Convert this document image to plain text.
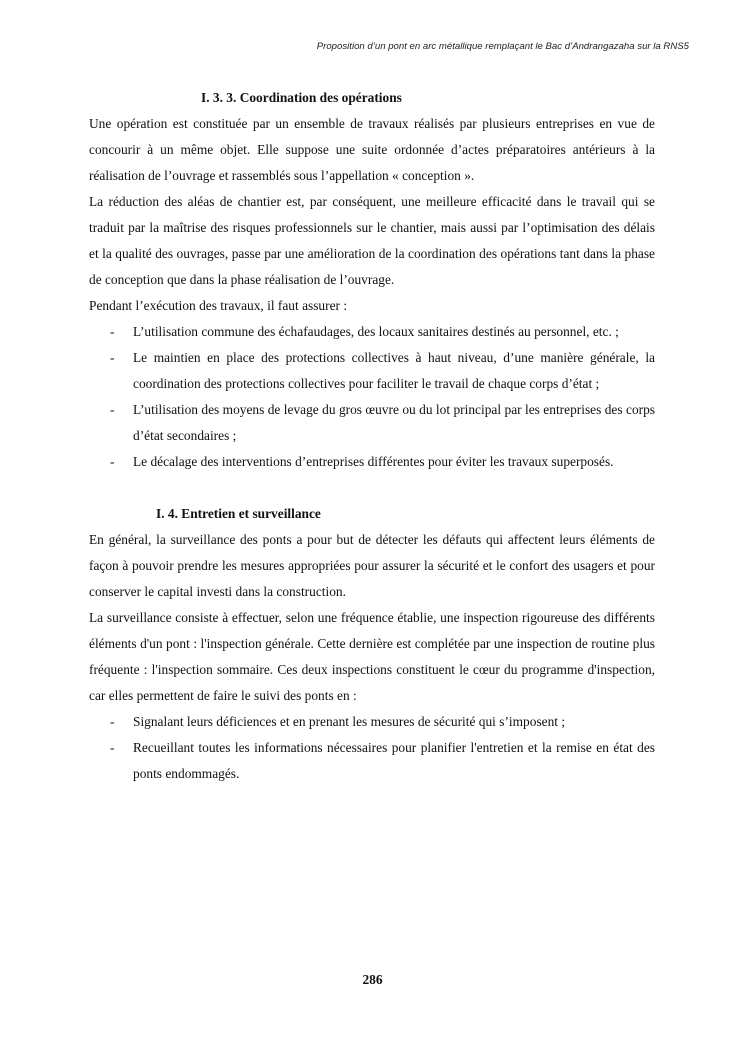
Proposition d’un pont en arc métallique remplaçant le Bac d’Andrangazaha sur la RNS5
I. 3. 3. Coordination des opérations

Une opération est constituée par un ensemble de travaux réalisés par plusieurs entreprises en vue de concourir à un même objet. Elle suppose une suite ordonnée d’actes préparatoires antérieurs à la réalisation de l’ouvrage et rassemblés sous l’appellation « conception ».

La réduction des aléas de chantier est, par conséquent, une meilleure efficacité dans le travail qui se traduit par la maîtrise des risques professionnels sur le chantier, mais aussi par l’optimisation des délais et la qualité des ouvrages, passe par une amélioration de la coordination des opérations tant dans la phase de conception que dans la phase réalisation de l’ouvrage.

Pendant l’exécution des travaux, il faut assurer :

- L’utilisation commune des échafaudages, des locaux sanitaires destinés au personnel, etc. ;
- Le maintien en place des protections collectives à haut niveau, d’une manière générale, la coordination des protections collectives pour faciliter le travail de chaque corps d’état ;
- L’utilisation des moyens de levage du gros œuvre ou du lot principal par les entreprises des corps d’état secondaires ;
- Le décalage des interventions d’entreprises différentes pour éviter les travaux superposés.
I. 4. Entretien et surveillance

En général, la surveillance des ponts a pour but de détecter les défauts qui affectent leurs éléments de façon à pouvoir prendre les mesures appropriées pour assurer la sécurité et le confort des usagers et pour conserver le capital investi dans la construction.

La surveillance consiste à effectuer, selon une fréquence établie, une inspection rigoureuse des différents éléments d'un pont : l'inspection générale. Cette dernière est complétée par une inspection de routine plus fréquente : l'inspection sommaire. Ces deux inspections constituent le cœur du programme d'inspection, car elles permettent de faire le suivi des ponts en :

- Signalant leurs déficiences et en prenant les mesures de sécurité qui s’imposent ;
- Recueillant toutes les informations nécessaires pour planifier l'entretien et la remise en état des ponts endommagés.
286
